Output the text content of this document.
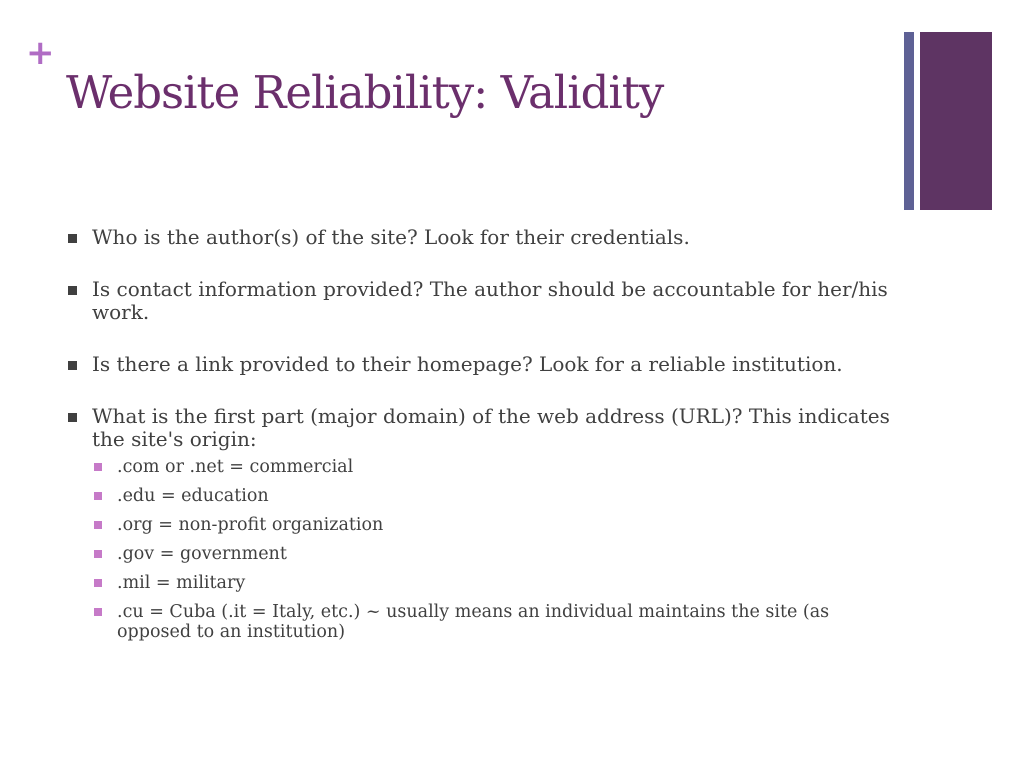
+
Website Reliability: Validity
Who is the author(s) of the site? Look for their credentials.
Is contact information provided? The author should be accountable for her/his work.
Is there a link provided to their homepage? Look for a reliable institution.
What is the first part (major domain) of the web address (URL)? This indicates the site's origin:
.com or .net = commercial
.edu = education
.org = non-profit organization
.gov = government
.mil = military
.cu = Cuba (.it = Italy, etc.) ~ usually means an individual maintains the site (as opposed to an institution)
